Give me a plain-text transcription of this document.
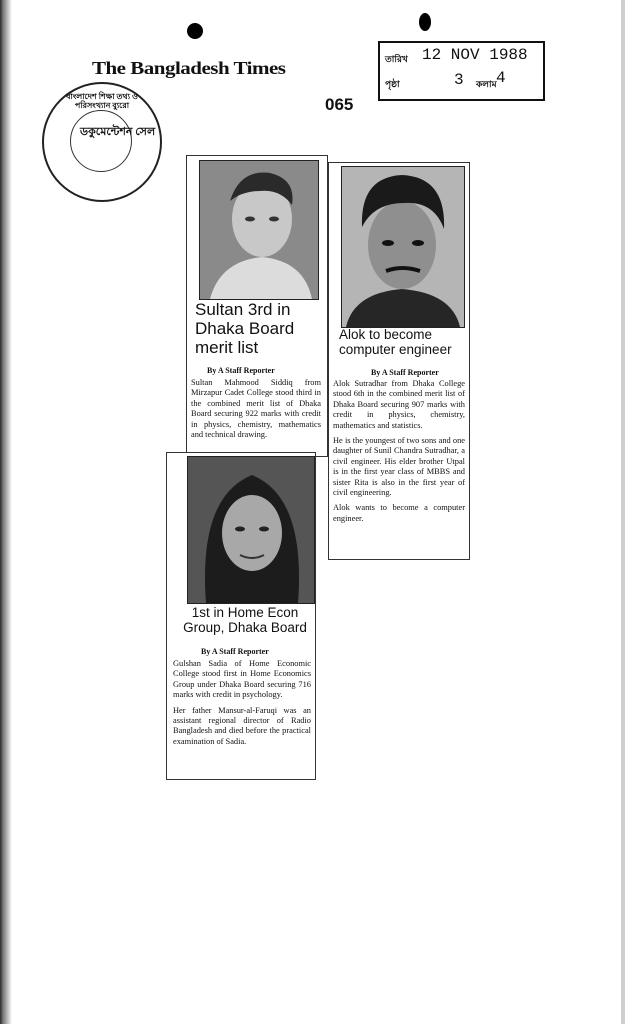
The Bangladesh Times
065
তারিখ 12 NOV 1988
পৃষ্ঠা	3 কলাম 4
ডকুমেন্টেশন সেল
বাংলাদেশ শিক্ষা তথ্য ও পরিসংখ্যান ব্যুরো
Sultan 3rd in Dhaka Board merit list
By A Staff Reporter

Sultan Mahmood Siddiq from Mirzapur Cadet College stood third in the combined merit list of Dhaka Board securing 922 marks with credit in physics, chemistry, mathematics and technical drawing.

Alok to become computer engineer
By A Staff Reporter

Alok Sutradhar from Dhaka College stood 6th in the combined merit list of Dhaka Board securing 907 marks with credit in physics, chemistry, mathematics and statistics.

He is the youngest of two sons and one daughter of Sunil Chandra Sutradhar, a civil engineer. His elder brother Utpal is in the first year class of MBBS and sister Rita is also in the first year of civil engineering.

Alok wants to become a computer engineer.

1st in Home Econ Group, Dhaka Board
By A Staff Reporter

Gulshan Sadia of Home Economic College stood first in Home Economics Group under Dhaka Board securing 716 marks with credit in psychology.

Her father Mansur-al-Faruqi was an assistant regional director of Radio Bangladesh and died before the practical examination of Sadia.
